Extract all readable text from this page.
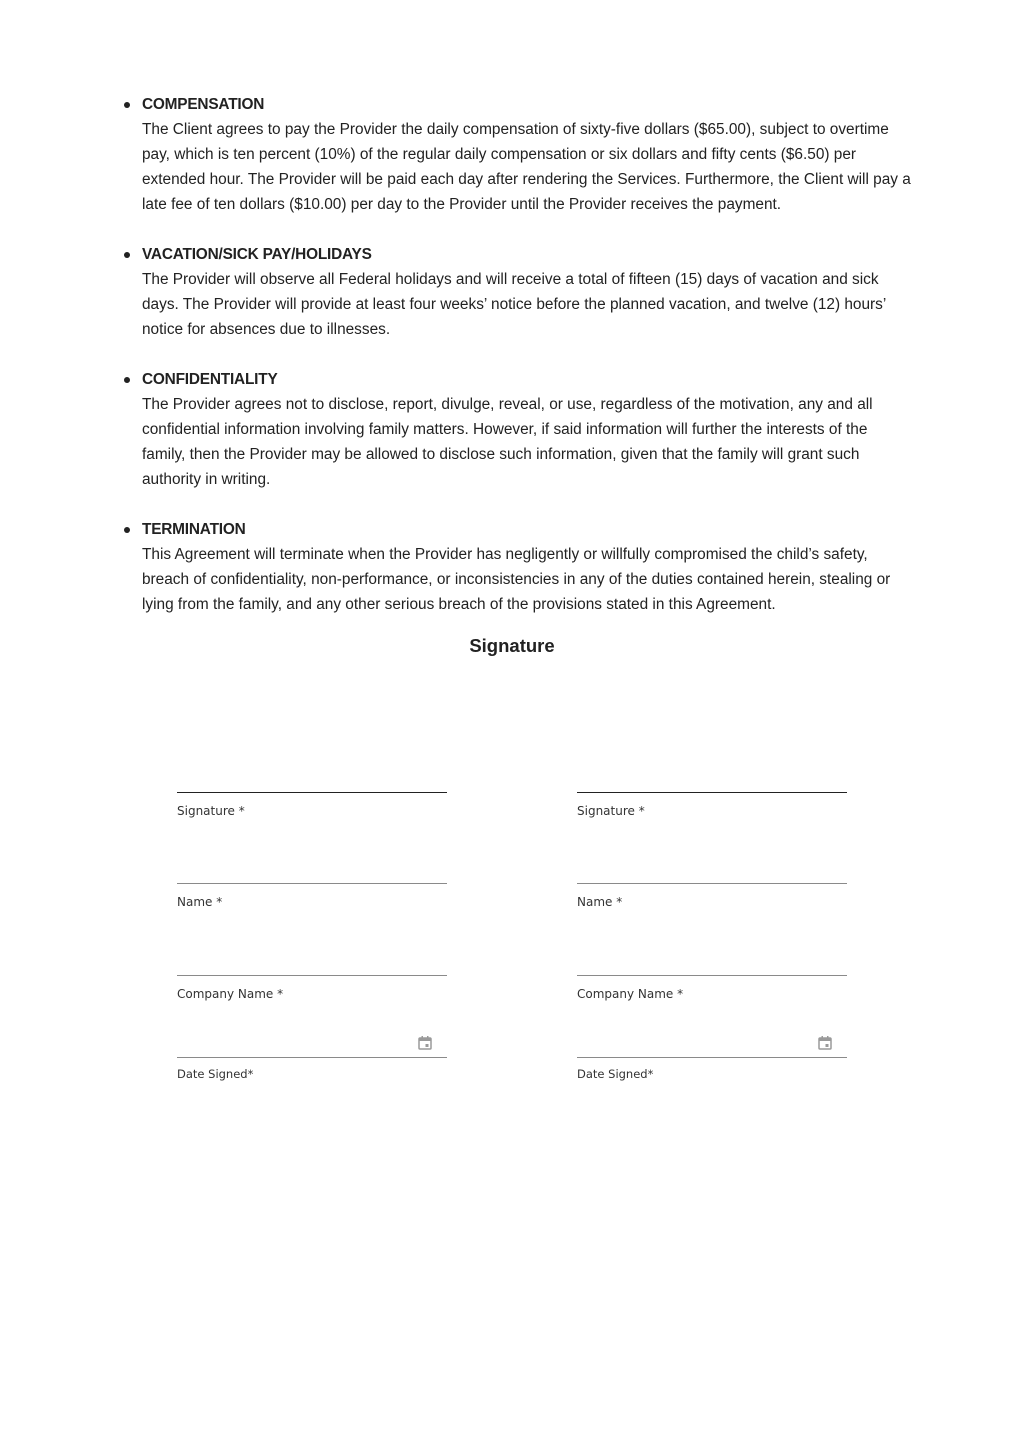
COMPENSATION
The Client agrees to pay the Provider the daily compensation of sixty-five dollars ($65.00), subject to overtime pay, which is ten percent (10%) of the regular daily compensation or six dollars and fifty cents ($6.50) per extended hour. The Provider will be paid each day after rendering the Services. Furthermore, the Client will pay a late fee of ten dollars ($10.00) per day to the Provider until the Provider receives the payment.
VACATION/SICK PAY/HOLIDAYS
The Provider will observe all Federal holidays and will receive a total of fifteen (15) days of vacation and sick days. The Provider will provide at least four weeks’ notice before the planned vacation, and twelve (12) hours’ notice for absences due to illnesses.
CONFIDENTIALITY
The Provider agrees not to disclose, report, divulge, reveal, or use, regardless of the motivation, any and all confidential information involving family matters. However, if said information will further the interests of the family, then the Provider may be allowed to disclose such information, given that the family will grant such authority in writing.
TERMINATION
This Agreement will terminate when the Provider has negligently or willfully compromised the child’s safety, breach of confidentiality, non-performance, or inconsistencies in any of the duties contained herein, stealing or lying from the family, and any other serious breach of the provisions stated in this Agreement.
Signature
Signature *
Name *
Company Name *
Date Signed*
Signature *
Name *
Company Name *
Date Signed*
